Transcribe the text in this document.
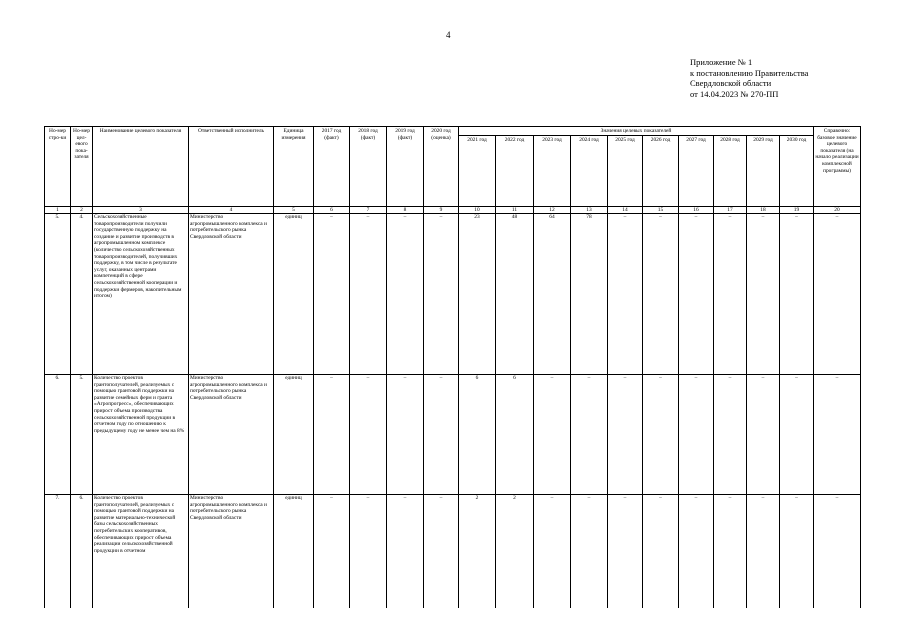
4
Приложение № 1
к постановлению Правительства
Свердловской области
от 14.04.2023 № 270-ПП
Но-мер стро-ки	Но-мер цел-евого пока-зателя	Наименование целевого показателя	Ответственный исполнитель	Единица измерения	2017 год (факт)	2018 год (факт)	2019 год (факт)	2020 год (оценка)	Значения целевых показателей										Справочно: базовое значение целевого показателя (на начало реализации комплексной программы)
									2021 год	2022 год	2023 год	2024 год	2025 год	2026 год	2027 год	2028 год	2029 год	2030 год	
1	2	3	4	5	6	7	8	9	10	11	12	13	14	15	16	17	18	19	20
5.	4.	Сельскохозяйственные товаропроизводители получили государственную поддержку на создание и развитие производств в агропромышленном комплексе (количество сельскохозяйственных товаропроизводителей, получивших поддержку, в том числе в результате услуг, оказанных центрами компетенций в сфере сельскохозяйственной кооперации и поддержки фермеров, накопительным итогом)	Министерство агропромышленного комплекса и потребительского рынка Свердловской области	единиц	–	–	–	–	23	48	64	78	–	–	–	–	–	–	–
6.	5.	Количество проектов грантополучателей, реализуемых с помощью грантовой поддержки на развитие семейных ферм и гранта «Агропрогресс», обеспечивающих прирост объема производства сельскохозяйственной продукции в отчетном году по отношению к предыдущему году не менее чем на 8%	Министерство агропромышленного комплекса и потребительского рынка Свердловской области	единиц	–	–	–	–	6	6	–	–	–	–	–	–	–	–	–
7.	6.	Количество проектов грантополучателей, реализуемых с помощью грантовой поддержки на развитие материально-технической базы сельскохозяйственных потребительских кооперативов, обеспечивающих прирост объема реализации сельскохозяйственной продукции в отчетном	Министерство агропромышленного комплекса и потребительского рынка Свердловской области	единиц	–	–	–	–	2	2	–	–	–	–	–	–	–	–	–
